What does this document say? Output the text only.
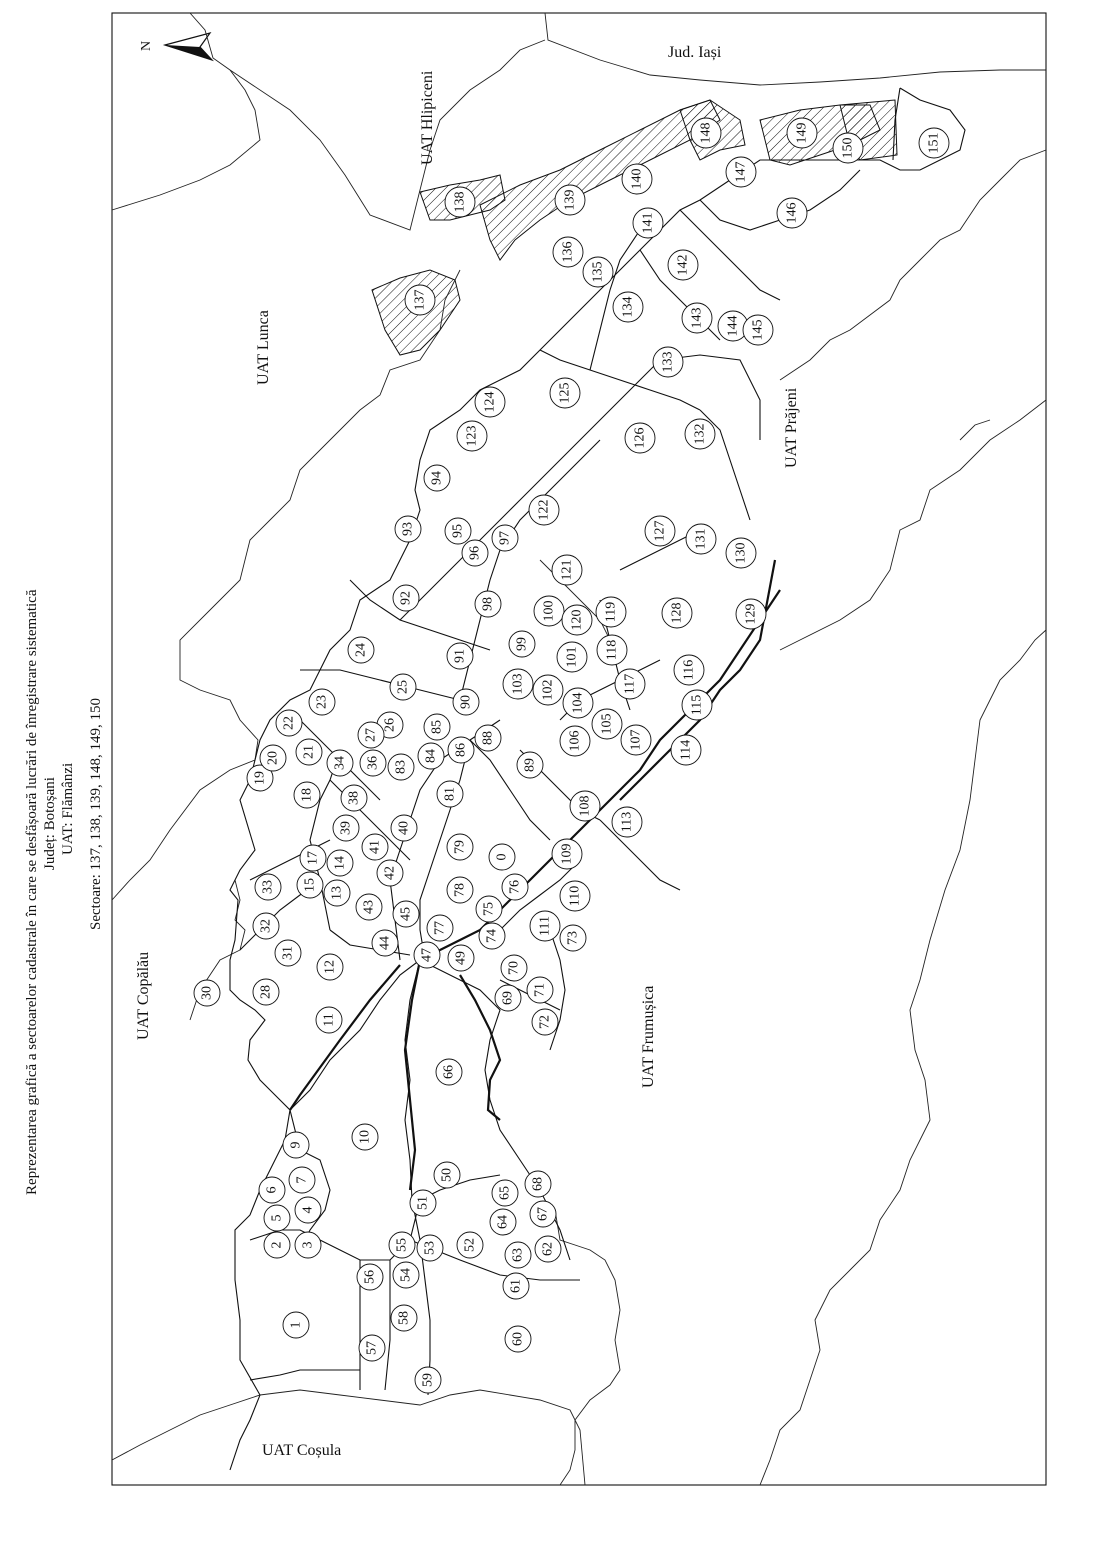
Reprezentarea grafică a sectoarelor cadastrale în care se desfășoară lucrări de înregistrare sistematică Județ: Botoșani UAT: Flămânzi Sectoare: 137, 138, 139, 148, 149, 150
N	Jud. Iași
UAT Hlipiceni
UAT Lunca
UAT Prăjeni
UAT Copălău	UAT Frumușica
UAT Coșula
0
1
2 3
4
5
6
7
9
10
11
12
13
14
15
17
18
19
20 21
22
23
24
25
26
27
28
30
31
32
33
34 36
38
39	40
41
42
43
44
45
47 49
50
51
52
53
54
55
56
57
58
59
60
61
62
63
64
65
66
67
68
69
70
71
72
73
74
75
76
77
78
79
81
83
84
85
86
88
89
90
91
92
93
94
95
96
97
98
99
100
101
102
103
104
105
106	107
108
109
110
111
113
114
115
116
117
118
119
120
121
122
123
124	125
126
127
128	129
130
131
132
133
134
135
136
137
138	139
140
141
142
143 144 145
146
147
148	149
150	151
